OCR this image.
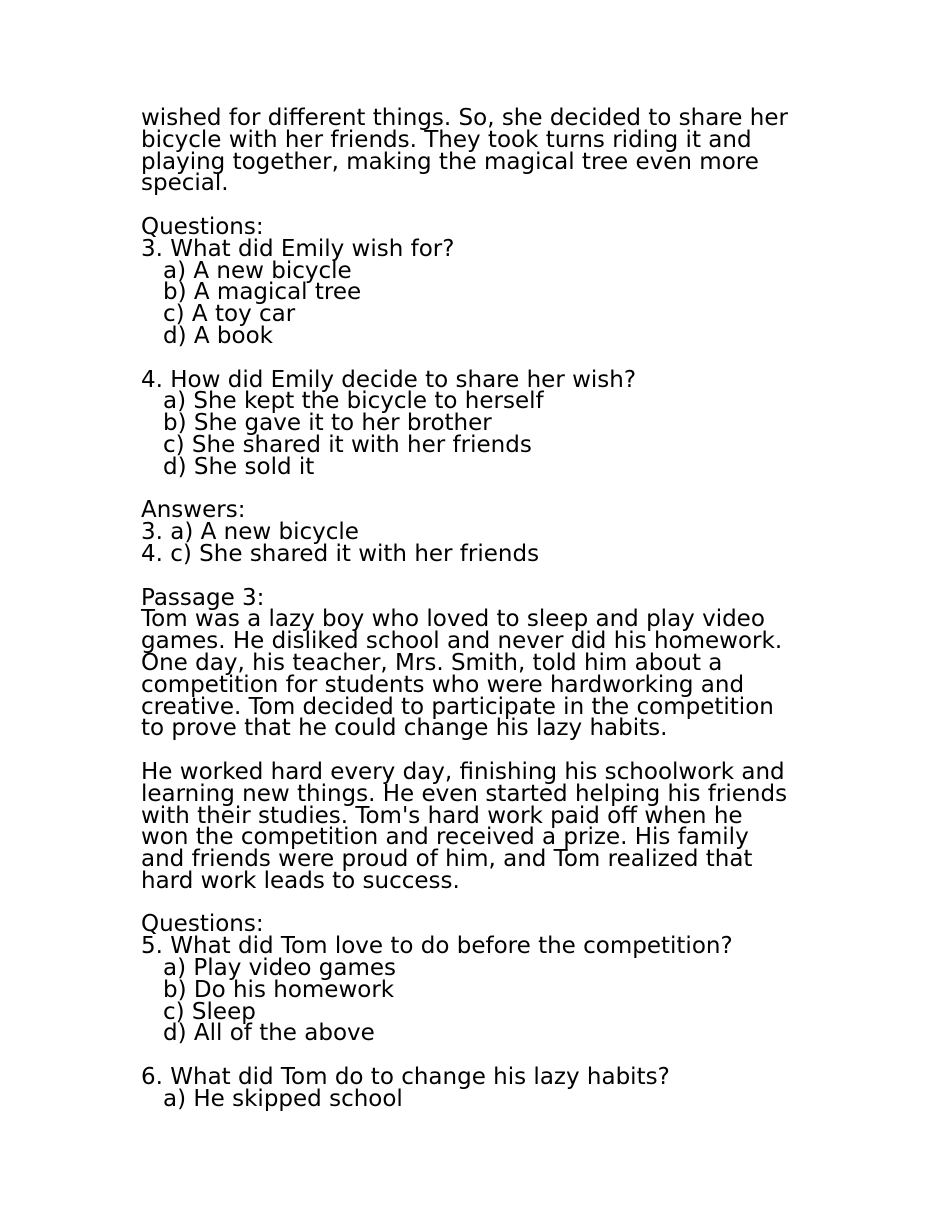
wished for different things. So, she decided to share her
bicycle with her friends. They took turns riding it and
playing together, making the magical tree even more
special.
Questions:
3. What did Emily wish for?
a) A new bicycle
b) A magical tree
c) A toy car
d) A book
4. How did Emily decide to share her wish?
a) She kept the bicycle to herself
b) She gave it to her brother
c) She shared it with her friends
d) She sold it
Answers:
3. a) A new bicycle
4. c) She shared it with her friends
Passage 3:
Tom was a lazy boy who loved to sleep and play video
games. He disliked school and never did his homework.
One day, his teacher, Mrs. Smith, told him about a
competition for students who were hardworking and
creative. Tom decided to participate in the competition
to prove that he could change his lazy habits.
He worked hard every day, finishing his schoolwork and
learning new things. He even started helping his friends
with their studies. Tom's hard work paid off when he
won the competition and received a prize. His family
and friends were proud of him, and Tom realized that
hard work leads to success.
Questions:
5. What did Tom love to do before the competition?
a) Play video games
b) Do his homework
c) Sleep
d) All of the above
6. What did Tom do to change his lazy habits?
a) He skipped school
